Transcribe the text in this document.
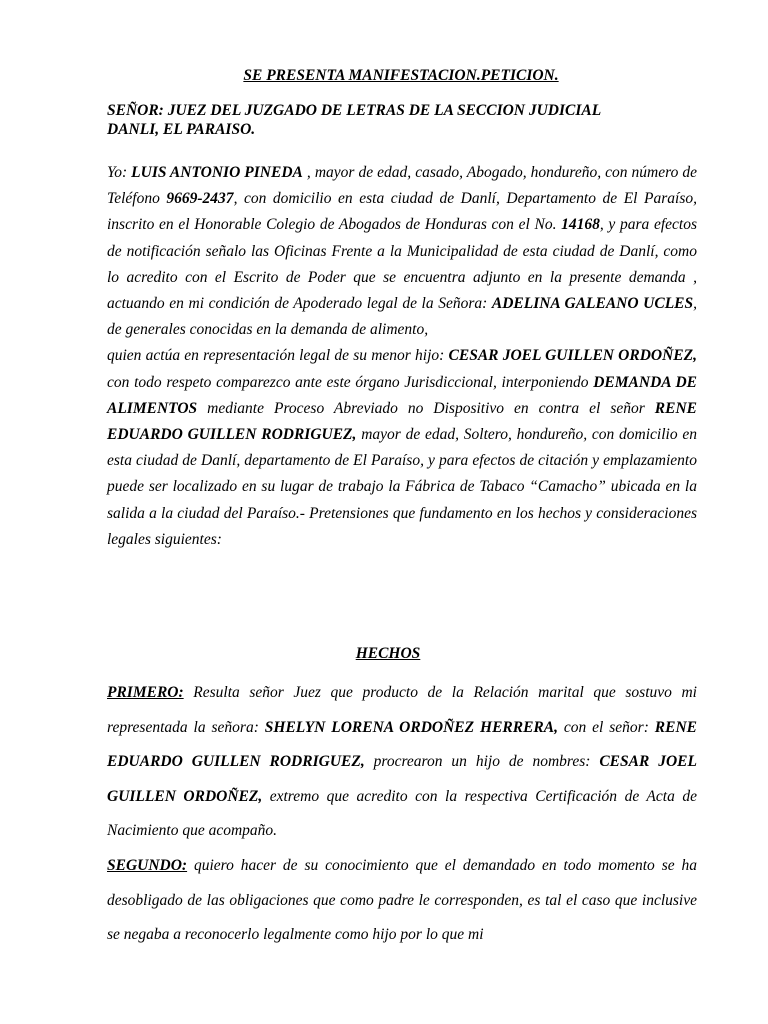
SE PRESENTA MANIFESTACION.PETICION.
SEÑOR: JUEZ DEL JUZGADO DE LETRAS DE LA SECCION JUDICIAL
DANLI, EL PARAISO.

Yo: LUIS ANTONIO PINEDA , mayor de edad, casado, Abogado, hondureño, con número de Teléfono 9669-2437, con domicilio en esta ciudad de Danlí, Departamento de El Paraíso, inscrito en el Honorable Colegio de Abogados de Honduras con el No. 14168, y para efectos de notificación señalo las Oficinas Frente a la Municipalidad de esta ciudad de Danlí, como lo acredito con el Escrito de Poder que se encuentra adjunto en la presente demanda , actuando en mi condición de Apoderado legal de la Señora: ADELINA GALEANO UCLES, de generales conocidas en la demanda de alimento,

quien actúa en representación legal de su menor hijo: CESAR JOEL GUILLEN ORDOÑEZ, con todo respeto comparezco ante este órgano Jurisdiccional, interponiendo DEMANDA DE ALIMENTOS mediante Proceso Abreviado no Dispositivo en contra el señor RENE EDUARDO GUILLEN RODRIGUEZ, mayor de edad, Soltero, hondureño, con domicilio en esta ciudad de Danlí, departamento de El Paraíso, y para efectos de citación y emplazamiento puede ser localizado en su lugar de trabajo la Fábrica de Tabaco “Camacho” ubicada en la salida a la ciudad del Paraíso.- Pretensiones que fundamento en los hechos y consideraciones legales siguientes:

HECHOS

PRIMERO: Resulta señor Juez que producto de la Relación marital que sostuvo mi representada la señora: SHELYN LORENA ORDOÑEZ HERRERA, con el señor: RENE EDUARDO GUILLEN RODRIGUEZ, procrearon un hijo de nombres: CESAR JOEL GUILLEN ORDOÑEZ, extremo que acredito con la respectiva Certificación de Acta de Nacimiento que acompaño.

SEGUNDO: quiero hacer de su conocimiento que el demandado en todo momento se ha desobligado de las obligaciones que como padre le corresponden, es tal el caso que inclusive se negaba a reconocerlo legalmente como hijo por lo que mi
